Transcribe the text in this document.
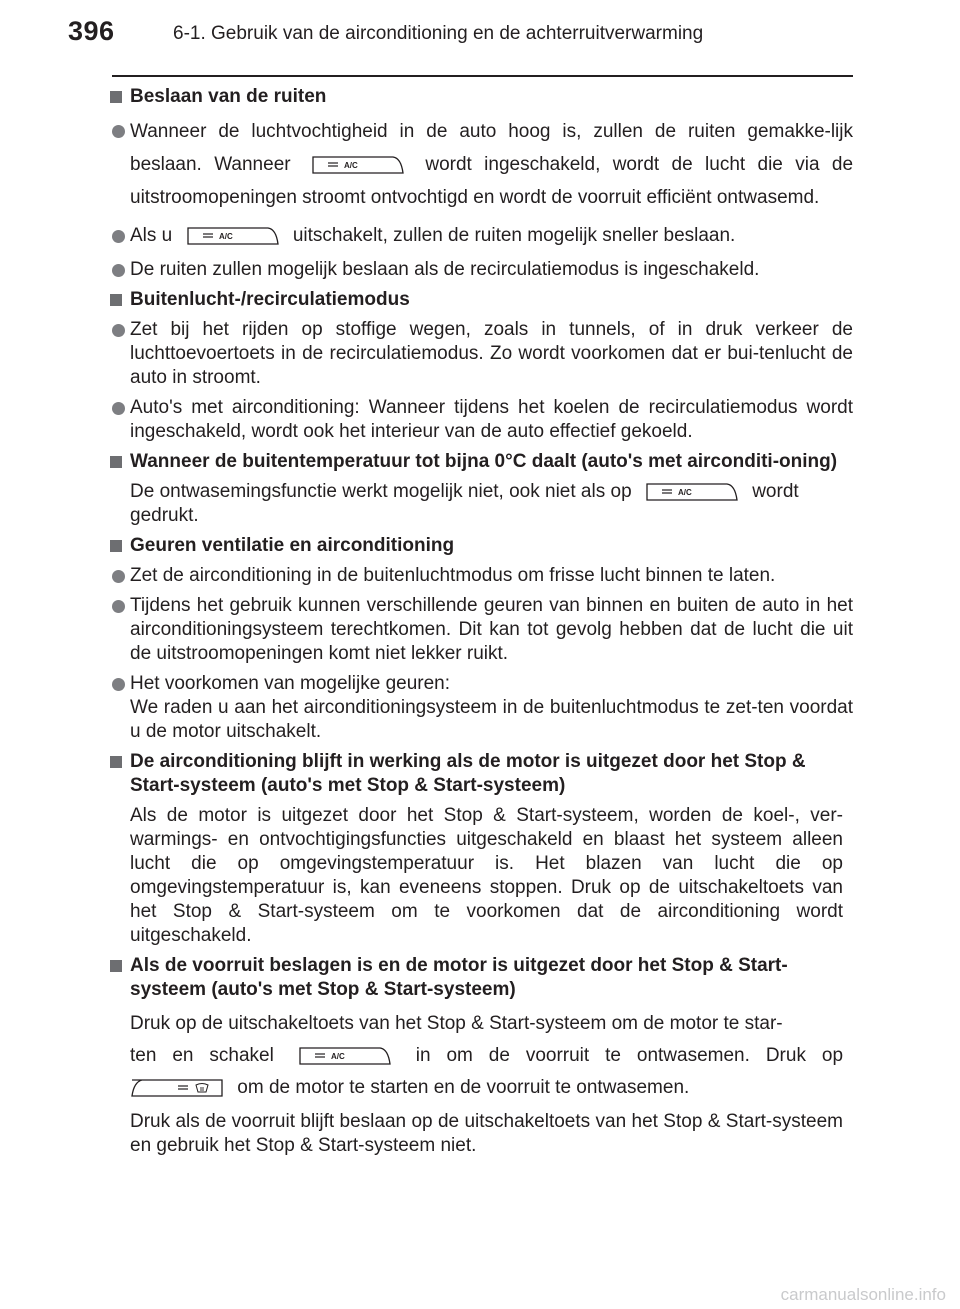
396	6-1. Gebruik van de airconditioning en de achterruitverwarming
Beslaan van de ruiten
Wanneer de luchtvochtigheid in de auto hoog is, zullen de ruiten gemakke-lijk beslaan. Wanneer	A/C	wordt ingeschakeld, wordt de lucht die via de uitstroomopeningen stroomt ontvochtigd en wordt de voorruit efficiënt ontwasemd.
Als u	A/C	uitschakelt, zullen de ruiten mogelijk sneller beslaan.
De ruiten zullen mogelijk beslaan als de recirculatiemodus is ingeschakeld.
Buitenlucht-/recirculatiemodus
Zet bij het rijden op stoffige wegen, zoals in tunnels, of in druk verkeer de luchttoevoertoets in de recirculatiemodus. Zo wordt voorkomen dat er bui-tenlucht de auto in stroomt.
Auto's met airconditioning: Wanneer tijdens het koelen de recirculatiemodus wordt ingeschakeld, wordt ook het interieur van de auto effectief gekoeld.
Wanneer de buitentemperatuur tot bijna 0°C daalt (auto's met airconditi-oning)
De ontwasemingsfunctie werkt mogelijk niet, ook niet als op	A/C	wordt gedrukt.
Geuren ventilatie en airconditioning
Zet de airconditioning in de buitenluchtmodus om frisse lucht binnen te laten.
Tijdens het gebruik kunnen verschillende geuren van binnen en buiten de auto in het airconditioningsysteem terechtkomen. Dit kan tot gevolg hebben dat de lucht die uit de uitstroomopeningen komt niet lekker ruikt.
Het voorkomen van mogelijke geuren:
We raden u aan het airconditioningsysteem in de buitenluchtmodus te zet-ten voordat u de motor uitschakelt.
De airconditioning blijft in werking als de motor is uitgezet door het Stop & Start-systeem (auto's met Stop & Start-systeem)
Als de motor is uitgezet door het Stop & Start-systeem, worden de koel-, ver-warmings- en ontvochtigingsfuncties uitgeschakeld en blaast het systeem alleen lucht die op omgevingstemperatuur is. Het blazen van lucht die op omgevingstemperatuur is, kan eveneens stoppen. Druk op de uitschakeltoets van het Stop & Start-systeem om te voorkomen dat de airconditioning wordt uitgeschakeld.
Als de voorruit beslagen is en de motor is uitgezet door het Stop & Start-systeem (auto's met Stop & Start-systeem)
Druk op de uitschakeltoets van het Stop & Start-systeem om de motor te star-
ten en schakel	A/C	in om de voorruit te ontwasemen. Druk op
om de motor te starten en de voorruit te ontwasemen.
Druk als de voorruit blijft beslaan op de uitschakeltoets van het Stop & Start-systeem en gebruik het Stop & Start-systeem niet.
carmanualsonline.info
